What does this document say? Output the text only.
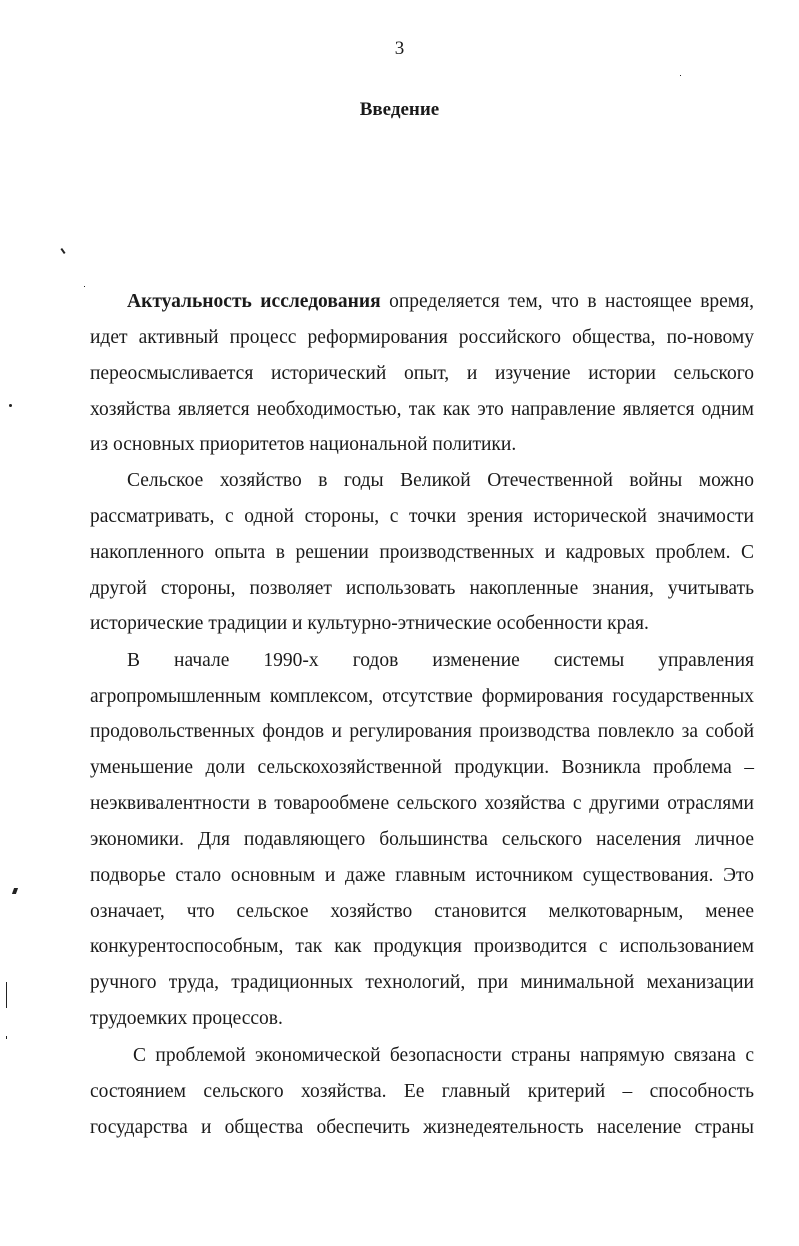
3
Введение
Актуальность исследования определяется тем, что в настоящее время,
идет активный процесс реформирования российского общества, по-новому
переосмысливается исторический опыт, и изучение истории сельского
хозяйства является необходимостью, так как это направление является одним
из основных приоритетов национальной политики.
Сельское хозяйство в годы Великой Отечественной войны можно
рассматривать, с одной стороны, с точки зрения исторической значимости
накопленного опыта в решении производственных и кадровых проблем. С
другой стороны, позволяет использовать накопленные знания, учитывать
исторические традиции и культурно-этнические особенности края.
В начале 1990-х годов изменение системы управления
агропромышленным комплексом, отсутствие формирования государственных
продовольственных фондов и регулирования производства повлекло за собой
уменьшение доли сельскохозяйственной продукции. Возникла проблема –
неэквивалентности в товарообмене сельского хозяйства с другими отраслями
экономики. Для подавляющего большинства сельского населения личное
подворье стало основным и даже главным источником существования. Это
означает, что сельское хозяйство становится мелкотоварным, менее
конкурентоспособным, так как продукция производится с использованием
ручного труда, традиционных технологий, при минимальной механизации
трудоемких процессов.
С проблемой экономической безопасности страны напрямую связана с
состоянием сельского хозяйства. Ее главный критерий – способность
государства и общества обеспечить жизнедеятельность население страны
